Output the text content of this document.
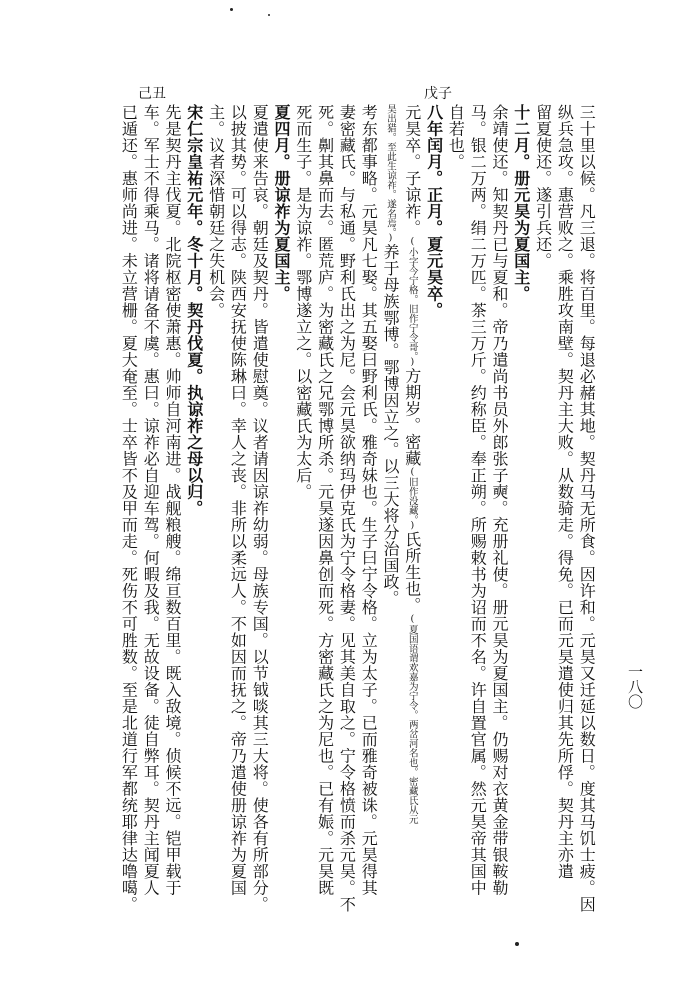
三十里以候。凡三退。将百里。每退必赭其地。契丹马无所食。因许和。元昊又迁延以数日。度其马饥士疲。因
纵兵急攻。惠营败之。乘胜攻南壁。契丹主大败。从数骑走。得免。已而元昊遣使归其先所俘。契丹主亦遣
留夏使还。遂引兵还。
十二月。册元昊为夏国主。
余靖使还。知契丹已与夏和。帝乃遣尚书员外郎张子奭。充册礼使。册元昊为夏国主。仍赐对衣黄金带银鞍勒
马。银二万两。绢二万匹。茶三万斤。约称臣。奉正朔。所赐敕书为诏而不名。许自置官属。然元昊帝其国中
自若也。
八年闰月。正月。夏元昊卒。
元昊卒。子谅祚。(小字今宁格。旧作宁令哥。)方期岁。密藏(旧作没藏。)氏所生也。(夏国语谓欢嘉为宁令。两岔河名也。密藏氏从元
昊出猎。至此生谅祚。遂名焉。)养于母族鄂博。鄂博因立之。以三大将分治国政。
考东都事略。元昊凡七娶。其五娶曰野利氏。雅奇妹也。生子曰宁令格。立为太子。已而雅奇被诛。元昊得其
妻密藏氏。与私通。野利氏出之为尼。会元昊欲纳玛伊克氏为宁令格妻。见其美自取之。宁令格愤而杀元昊。不
死。劓其鼻而去。匿荒庐。为密藏氏之兄鄂博所杀。元昊遂因鼻创而死。方密藏氏之为尼也。已有娠。元昊既
死而生子。是为谅祚。鄂博遂立之。以密藏氏为太后。
夏四月。册谅祚为夏国主。
夏遣使来告哀。朝廷及契丹。皆遣使慰奠。议者请因谅祚幼弱。母族专国。以节钺啖其三大将。使各有所部分。
以披其势。可以得志。陕西安抚使陈琳曰。幸人之丧。非所以柔远人。不如因而抚之。帝乃遣使册谅祚为夏国
主。议者深惜朝廷之失机会。
宋仁宗皇祐元年。冬十月。契丹伐夏。执谅祚之母以归。
先是契丹主伐夏。北院枢密使萧惠。帅师自河南进。战舰粮艘。绵亘数百里。既入敌境。侦候不远。铠甲载于
车。军士不得乘马。诸将请备不虞。惠曰。谅祚必自迎车驾。何暇及我。无故设备。徒自弊耳。契丹主闻夏人
已遁还。惠师尚进。未立营栅。夏大奄至。士卒皆不及甲而走。死伤不可胜数。至是北道行军都统耶律达噜噶。
戊子
己丑
一八〇
